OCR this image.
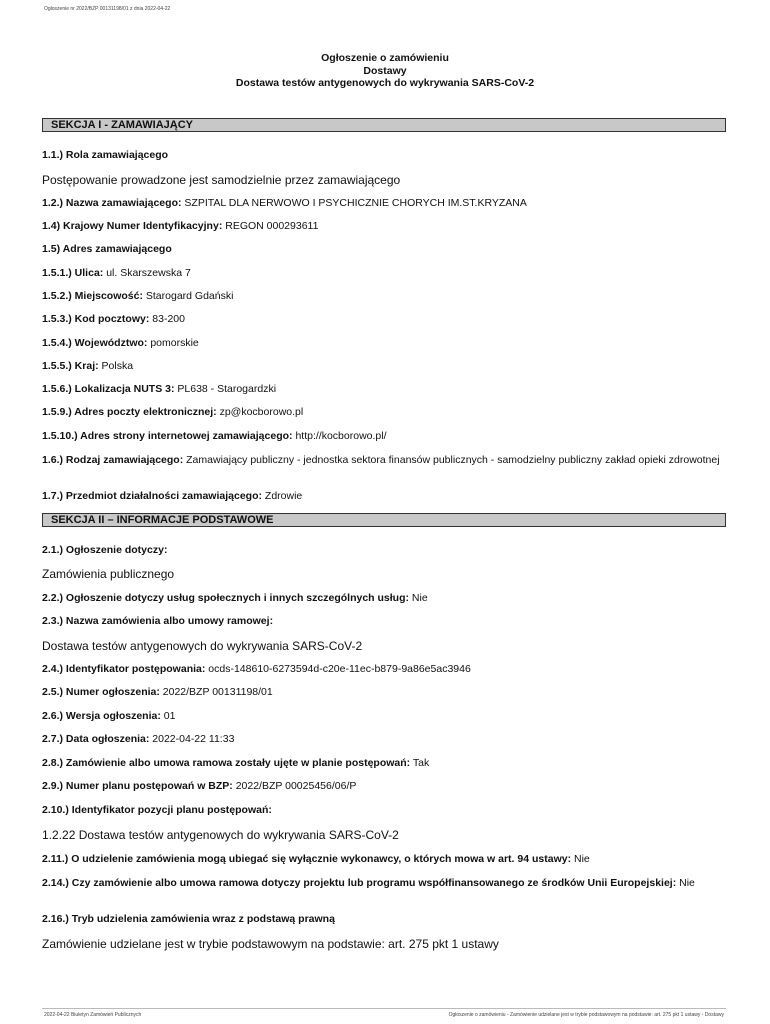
Ogłoszenie nr 2022/BZP 00131198/01 z dnia 2022-04-22
Ogłoszenie o zamówieniu
Dostawy
Dostawa testów antygenowych do wykrywania SARS-CoV-2
SEKCJA I - ZAMAWIAJĄCY
1.1.) Rola zamawiającego
Postępowanie prowadzone jest samodzielnie przez zamawiającego
1.2.) Nazwa zamawiającego: SZPITAL DLA NERWOWO I PSYCHICZNIE CHORYCH IM.ST.KRYZANA
1.4) Krajowy Numer Identyfikacyjny: REGON 000293611
1.5) Adres zamawiającego
1.5.1.) Ulica: ul. Skarszewska 7
1.5.2.) Miejscowość: Starogard Gdański
1.5.3.) Kod pocztowy: 83-200
1.5.4.) Województwo: pomorskie
1.5.5.) Kraj: Polska
1.5.6.) Lokalizacja NUTS 3: PL638 - Starogardzki
1.5.9.) Adres poczty elektronicznej: zp@kocborowo.pl
1.5.10.) Adres strony internetowej zamawiającego: http://kocborowo.pl/
1.6.) Rodzaj zamawiającego: Zamawiający publiczny - jednostka sektora finansów publicznych - samodzielny publiczny zakład opieki zdrowotnej
1.7.) Przedmiot działalności zamawiającego: Zdrowie
SEKCJA II – INFORMACJE PODSTAWOWE
2.1.) Ogłoszenie dotyczy:
Zamówienia publicznego
2.2.) Ogłoszenie dotyczy usług społecznych i innych szczególnych usług: Nie
2.3.) Nazwa zamówienia albo umowy ramowej:
Dostawa testów antygenowych do wykrywania SARS-CoV-2
2.4.) Identyfikator postępowania: ocds-148610-6273594d-c20e-11ec-b879-9a86e5ac3946
2.5.) Numer ogłoszenia: 2022/BZP 00131198/01
2.6.) Wersja ogłoszenia: 01
2.7.) Data ogłoszenia: 2022-04-22 11:33
2.8.) Zamówienie albo umowa ramowa zostały ujęte w planie postępowań: Tak
2.9.) Numer planu postępowań w BZP: 2022/BZP 00025456/06/P
2.10.) Identyfikator pozycji planu postępowań:
1.2.22 Dostawa testów antygenowych do wykrywania SARS-CoV-2
2.11.) O udzielenie zamówienia mogą ubiegać się wyłącznie wykonawcy, o których mowa w art. 94 ustawy: Nie
2.14.) Czy zamówienie albo umowa ramowa dotyczy projektu lub programu współfinansowanego ze środków Unii Europejskiej: Nie
2.16.) Tryb udzielenia zamówienia wraz z podstawą prawną
Zamówienie udzielane jest w trybie podstawowym na podstawie: art. 275 pkt 1 ustawy
2022-04-22 Biuletyn Zamówień Publicznych	Ogłoszenie o zamówieniu - Zamówienie udzielane jest w trybie podstawowym na podstawie: art. 275 pkt 1 ustawy - Dostawy
